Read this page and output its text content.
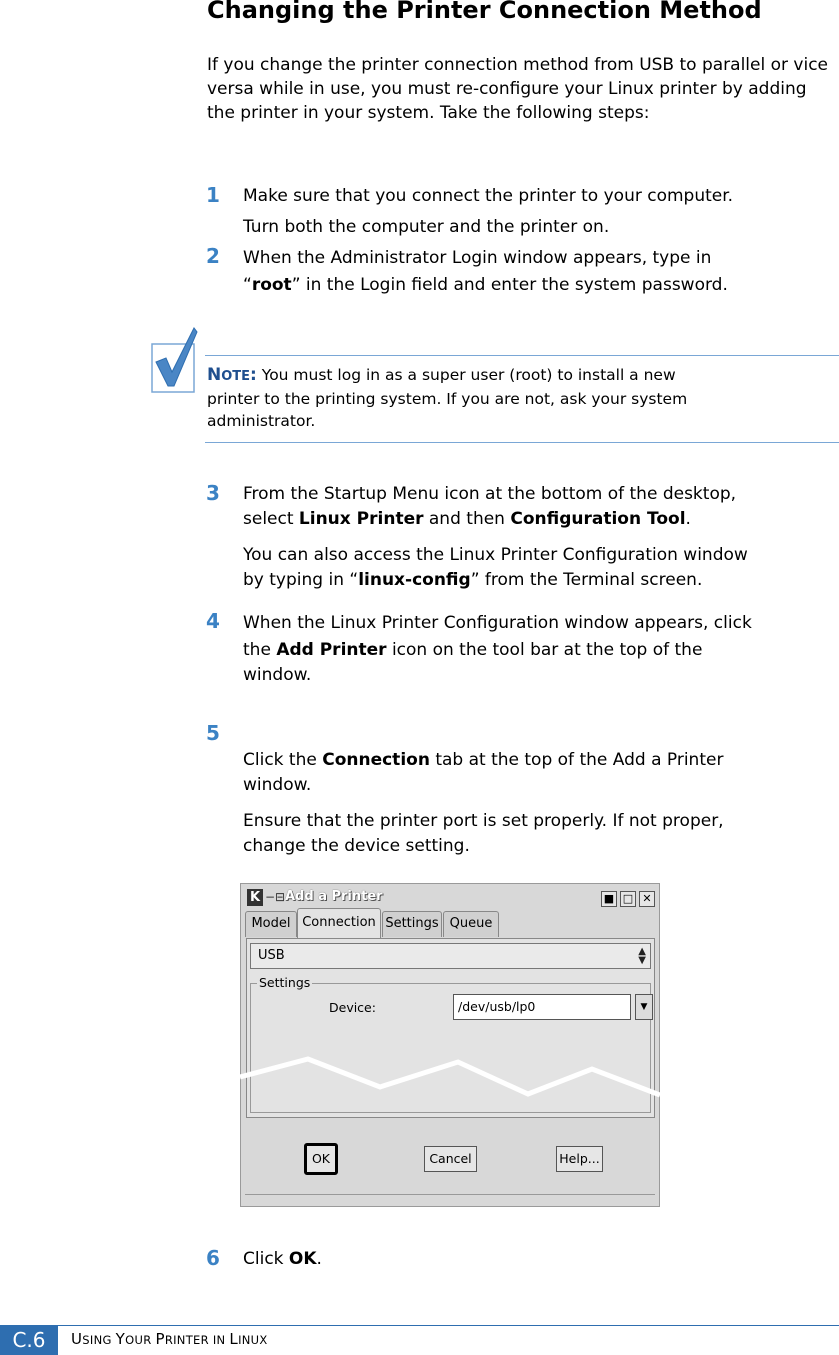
Changing the Printer Connection Method

If you change the printer connection method from USB to parallel or vice versa while in use, you must re-configure your Linux printer by adding the printer in your system. Take the following steps:

1 Make sure that you connect the printer to your computer.
Turn both the computer and the printer on.
2 When the Administrator Login window appears, type in
“root” in the Login field and enter the system password.
NOTE: You must log in as a super user (root) to install a new
printer to the printing system. If you are not, ask your system
administrator.
3 From the Startup Menu icon at the bottom of the desktop,
select Linux Printer and then Configuration Tool.
You can also access the Linux Printer Configuration window
by typing in “linux-config” from the Terminal screen.
4 When the Linux Printer Configuration window appears, click
the Add Printer icon on the tool bar at the top of the
window.
5
Click the Connection tab at the top of the Add a Printer
window.
Ensure that the printer port is set properly. If not proper,
change the device setting.
K −⊟ Add a Printer	■ □ ✕
Model Connection Settings Queue
USB	▲
▼
Settings
Device:	/dev/usb/lp0	▼
OK	Cancel	Help...
6 Click OK.
C.6	USING YOUR PRINTER IN LINUX
